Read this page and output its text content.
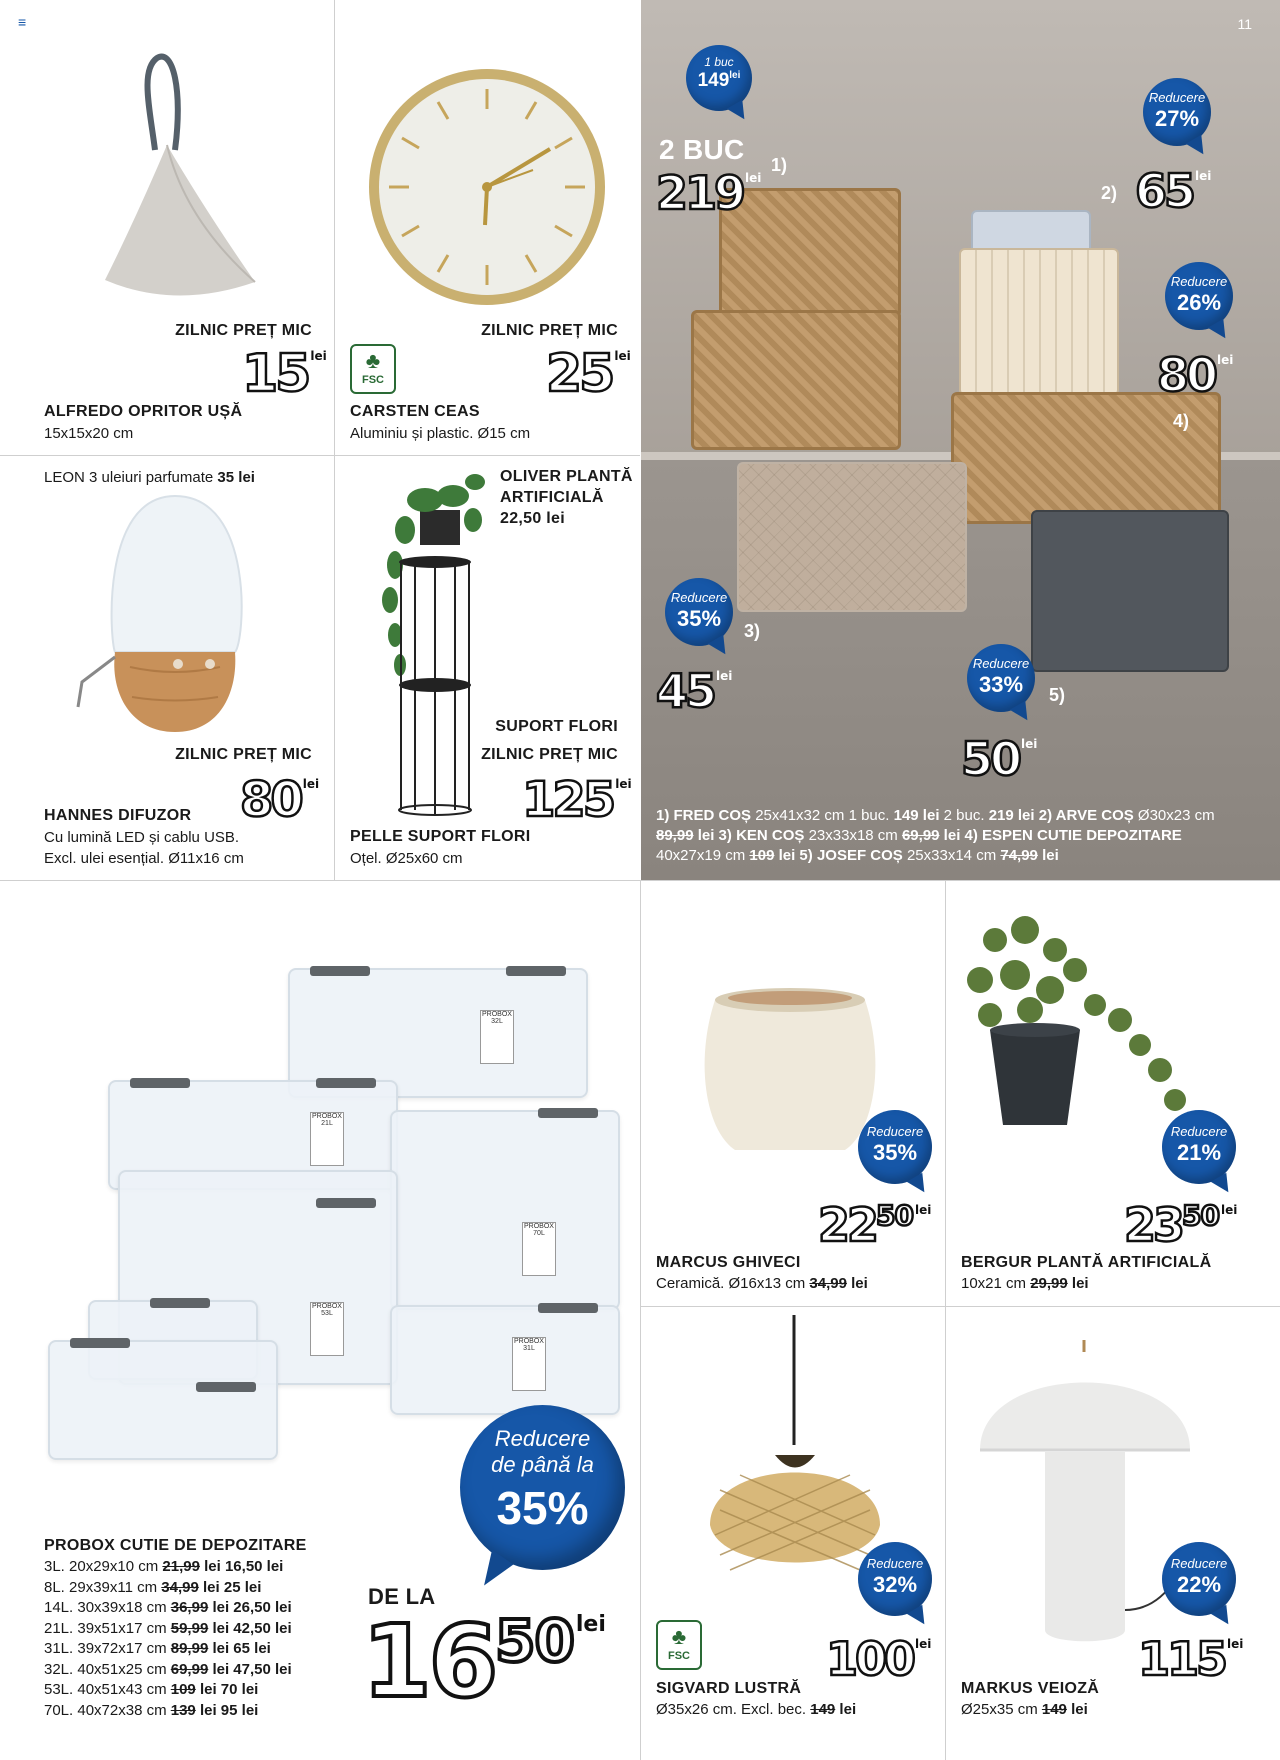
≡
ZILNIC PREȚ MIC
15 $^{lei}$
ALFREDO OPRITOR UȘĂ
15x15x20 cm
ZILNIC PREȚ MIC
♣
FSC	25 $^{lei}$
CARSTEN CEAS
Aluminiu și plastic. Ø15 cm
LEON 3 uleiuri parfumate 35 lei
ZILNIC PREȚ MIC
80 $^{lei}$
HANNES DIFUZOR
Cu lumină LED și cablu USB.
Excl. ulei esențial. Ø11x16 cm
OLIVER PLANTĂ
ARTIFICIALĂ
22,50 lei
SUPORT FLORI
ZILNIC PREȚ MIC
125 $^{lei}$
PELLE SUPORT FLORI
Oțel. Ø25x60 cm
1 buc
$149^{lei}$
2 BUC
219 $^{lei}$
1)
Reducere
27%
2) 65 $^{lei}$
Reducere
26%
80 $^{lei}$
4)
Reducere
35%	3)
45 $^{lei}$
Reducere
33%	5)
50 $^{lei}$
1) FRED COȘ 25x41x32 cm 1 buc. 149 lei 2 buc. 219 lei 2) ARVE COȘ Ø30x23 cm
89,99 lei 3) KEN COȘ 23x33x18 cm 69,99 lei 4) ESPEN CUTIE DEPOZITARE
40x27x19 cm 109 lei 5) JOSEF COȘ 25x33x14 cm 74,99 lei
11
PROBOX 32L
PROBOX 21L
PROBOX 70L
PROBOX 53L
PROBOX 31L
Reducere
de până la
35%
PROBOX CUTIE DE DEPOZITARE
3L. 20x29x10 cm 21,99 lei 16,50 lei
8L. 29x39x11 cm 34,99 lei 25 lei
14L. 30x39x18 cm 36,99 lei 26,50 lei
21L. 39x51x17 cm 59,99 lei 42,50 lei
31L. 39x72x17 cm 89,99 lei 65 lei
32L. 40x51x25 cm 69,99 lei 47,50 lei
53L. 40x51x43 cm 109 lei 70 lei
70L. 40x72x38 cm 139 lei 95 lei
DE LA
$16^{50lei}$
Reducere
35%
$22^{50}$ $^{lei}$
MARCUS GHIVECI
Ceramică. Ø16x13 cm 34,99 lei
Reducere
21%
$23^{50}$ $^{lei}$
BERGUR PLANTĂ ARTIFICIALĂ
10x21 cm 29,99 lei
Reducere
32%
♣
FSC	100 $^{lei}$
SIGVARD LUSTRĂ
Ø35x26 cm. Excl. bec. 149 lei
Reducere
22%
115 $^{lei}$
MARKUS VEIOZĂ
Ø25x35 cm 149 lei
